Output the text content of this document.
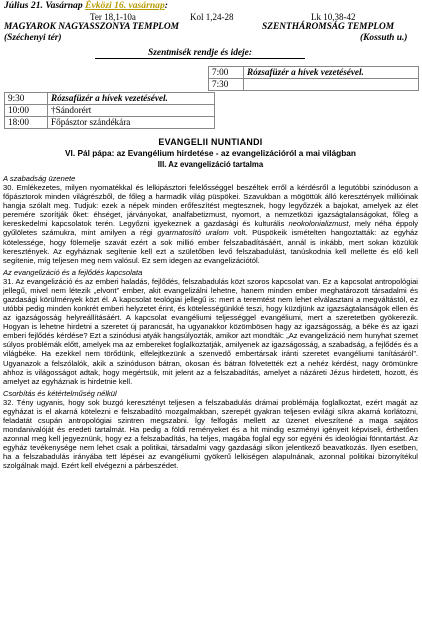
Július 21. Vasárnap Évközi 16. vasárnap:
Ter 18,1-10a	Kol 1,24-28	Lk 10,38-42
MAGYAROK NAGYASSZONYA TEMPLOM	SZENTHÁROMSÁG TEMPLOM
(Széchenyi tér)	(Kossuth u.)
Szentmisék rendje és ideje:
7:00	Rózsafüzér a hívek vezetésével.
7:30	
9:30	Rózsafüzér a hívek vezetésével.
10:00	†Sándorért
18:00	Főpásztor szándékára
EVANGELII NUNTIANDI
VI. Pál pápa: az Evangélium hirdetése - az evangelizációról a mai világban
III. Az evangelizáció tartalma
A szabadság üzenete

30. Emlékezetes, milyen nyomatékkal és lelkipásztori felelősséggel beszéltek erről a kérdésről a legutóbbi szinóduson a főpásztorok minden világrészből, de főleg a harmadik világ püspökei. Szavukban a mögöttük álló keresztények millióinak hangja szólalt meg. Tudjuk: ezek a népek minden erőfeszítést megtesznek, hogy legyőzzék a bajokat, amelyek az élet peremére szorítják őket: éhséget, járványokat, analfabetizmust, nyomort, a nemzetközi igazságtalanságokat, főleg a kereskedelmi kapcsolatok terén. Legyőzni igyekeznek a gazdasági és kulturális neokolonializmust, mely néha éppoly gyűlöletes számukra, mint amilyen a régi gyarmatosító uralom volt. Püspökeik ismételten hangoztatták: az egyház kötelessége, hogy fölemelje szavát ezért a sok millió ember felszabadításáért, annál is inkább, mert sokan közülük keresztények. Az egyháznak segítenie kell ezt a születőben levő felszabadulást, tanúskodnia kell mellette és elő kell segítenie, míg teljesen meg nem valósul. Ez sem idegen az evangelizációtól.

Az evangelizáció és a fejlődés kapcsolata

31. Az evangelizáció és az emberi haladás, fejlődés, felszabadulás közt szoros kapcsolat van. Ez a kapcsolat antropológiai jellegű, mivel nem létezik „elvont” ember, akit evangelizálni lehetne, hanem minden ember meghatározott társadalmi és gazdasági körülmények közt él. A kapcsolat teológiai jellegű is: mert a teremtést nem lehet elválasztani a megváltástól, ez utóbbi pedig minden konkrét emberi helyzetet érint, és kötelességünkké teszi, hogy küzdjünk az igazságtalanságok ellen és az igazságosság helyreállításáért. A kapcsolat evangéliumi teljességgel evangéliumi, mert a szeretetben gyökerezik. Hogyan is lehetne hirdetni a szeretet új parancsát, ha ugyanakkor közömbösen hagy az igazságosság, a béke és az igazi emberi fejlődés kérdése? Ezt a szinódusi atyák hangsúlyozták, amikor azt mondták: „Az evangelizáció nem hunyhat szemet súlyos problémák előtt, amelyek ma az embereket foglalkoztatják, amilyenek az igazságosság, a szabadság, a fejlődés és a világbéke. Ha ezekkel nem törődünk, elfelejtkezünk a szenvedő embertársak iránti szeretet evangéliumi tanításáról”. Ugyanazok a felszólalók, akik a szinóduson bátran, okosan és bátran fölvetették ezt a nehéz kérdést, nagy örömünkre ahhoz is világosságot adtak, hogy megértsük, mit jelent az a felszabadítás, amelyet a názáreti Jézus hirdetett, hozott, és amelyet az egyháznak is hirdetnie kell.

Csorbítás és kétértelműség nélkül

32. Tény ugyanis, hogy sok buzgó keresztényt teljesen a felszabadulás drámai problémája foglalkoztat, ezért magát az egyházat is el akarná kötelezni e felszabadító mozgalmakban, szerepét gyakran teljesen evilági síkra akarná korlátozni, feladatát csupán antropológiai szintren megszabni. Így felfogás mellett az üzenet elveszítené a maga sajátos mondanivalóját és eredeti tartalmát. Ha pedig a földi reményeket és a hit mindig eszményi igényeit képviseli, érthetően azonnal meg kell jegyeznünk, hogy ez a felszabadítás, ha teljes, magába foglal egy sor egyéni és ideológiai fönntartást. Az egyház tevékenysége nem lehet csak a politikai, társadalmi vagy gazdasági síkon jelentkező beavatkozás. Ilyen esetben, ha a felszabadulás irányába tett lépései az evangéliumi gyökerű lelkiségen alapulnának, azonnal politikai bizonyítékul szolgálnak majd. Ezért kell elvégezni a párbeszédet.
